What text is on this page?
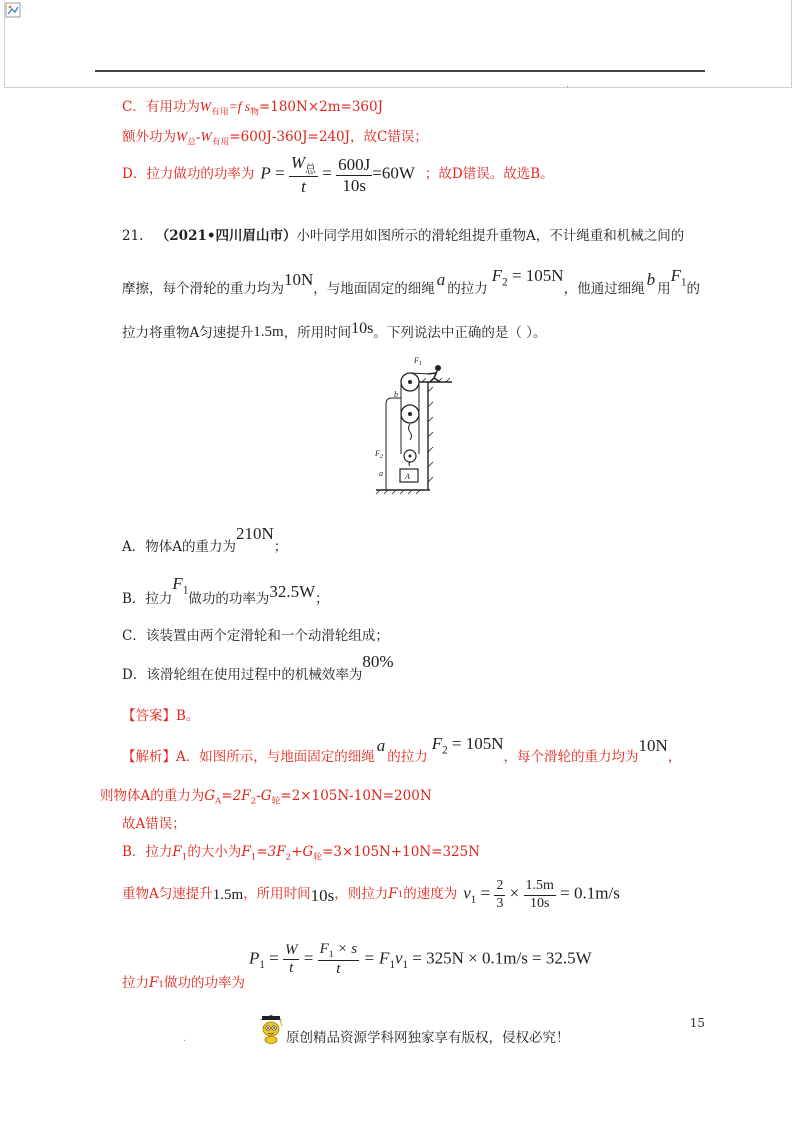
.
C．有用功为$W_{有用}=f$ $s_物=180N\times 2m=360J$
额外功为$W_总-W_{有用}=600J-360J=240J$，故C错误；
D．拉力做功的功率为 $P = \frac{W_总}{t} = \frac{600J}{10s} =60W$ ；故D错误。故选B。
21. （2021•四川眉山市）小叶同学用如图所示的滑轮组提升重物A，不计绳重和机械之间的
摩擦，每个滑轮的重力均为 10N ，与地面固定的细绳 a 的拉力
$F_2 = 105N$
，他通过细绳 b 用
$F_1$ 的
拉力将重物A匀速提升 1.5m ，所用时间 10s 。下列说法中正确的是（ ）。
$F_1$
b
$F_2$
a	A
A．物体A的重力为
210N
；
B．拉力
$F_1$
做功的功率为 32.5W ；
C．该装置由两个定滑轮和一个动滑轮组成；
D．该滑轮组在使用过程中的机械效率为
80%
【答案】B。
【解析】A．如图所示，与地面固定的细绳
a
的拉力
$F_2 = 105N$
，每个滑轮的重力均为
10N
，
则物体A的重力为$G_A=2F_2-G_轮=2\times 105N-10N=200N$
故A错误；
B．拉力$F_1$的大小为$F_1=3F_2+G_轮=3\times 105N+10N=325N$
重物A匀速提升 1.5m ，所用时间 10s ，则拉力 F 1 的速度为 $v_1 = \frac{2}{3} \times \frac{1.5m}{10s} = 0.1m/s$
拉力 F 1 做功的功率为
$P_1 = \frac{W}{t} = \frac{F_1 \times s}{t} = F_1v_1 = 325N \times 0.1m/s = 32.5W$
15
.	原创精品资源学科网独家享有版权，侵权必究！
